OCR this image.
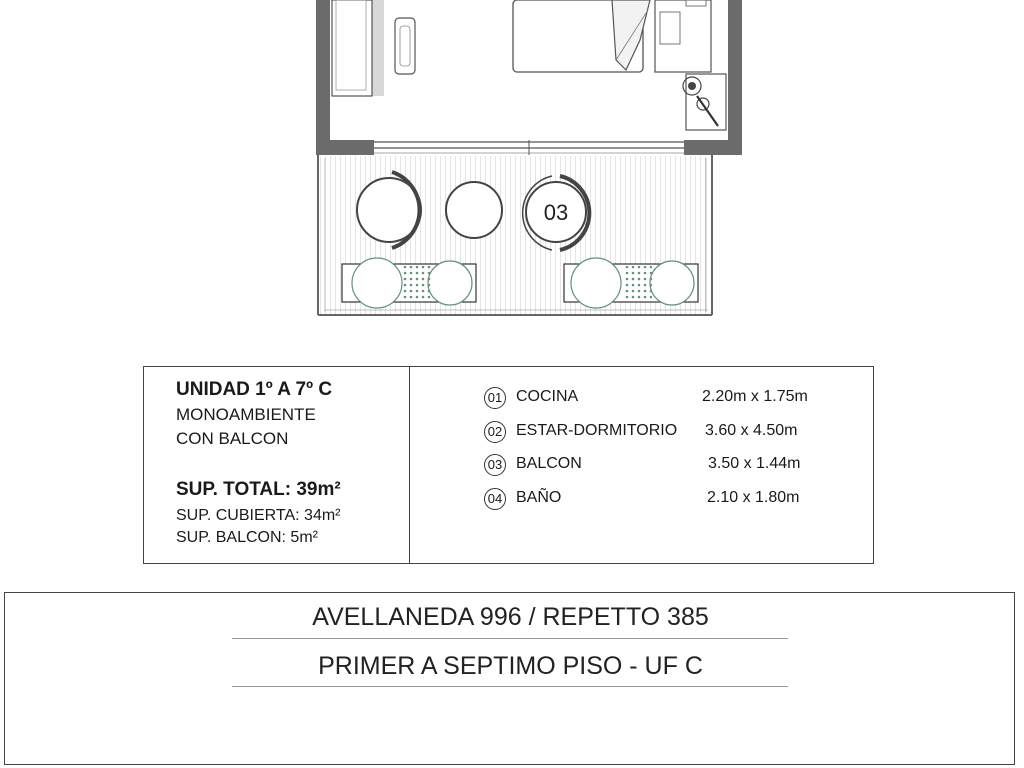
03
UNIDAD 1º A 7º C
MONOAMBIENTE
CON BALCON
SUP. TOTAL: 39m²
SUP. CUBIERTA: 34m²
SUP. BALCON: 5m²
01 COCINA	2.20m x 1.75m
02 ESTAR-DORMITORIO 3.60 x 4.50m
03 BALCON	3.50 x 1.44m
04 BAÑO	2.10 x 1.80m
AVELLANEDA 996 / REPETTO 385
PRIMER A SEPTIMO PISO - UF C
